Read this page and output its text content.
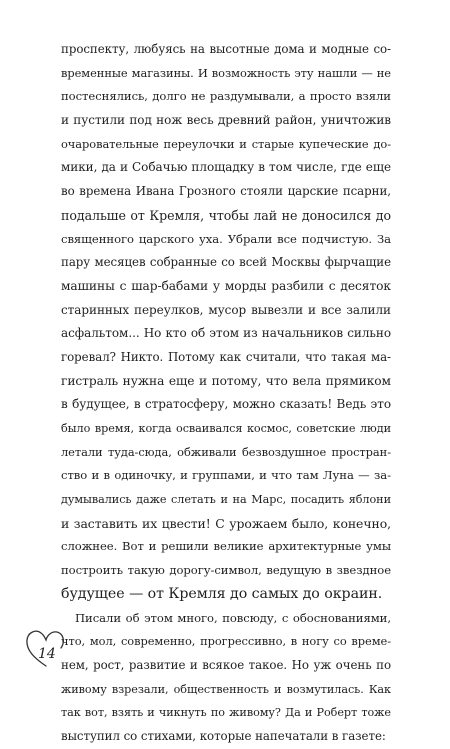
проспекту, любуясь на высотные дома и модные со-
временные магазины. И возможность эту нашли — не
постеснялись, долго не раздумывали, а просто взяли
и пустили под нож весь древний район, уничтожив
очаровательные переулочки и старые купеческие до-
мики, да и Собачью площадку в том числе, где еще
во времена Ивана Грозного стояли царские псарни,
подальше от Кремля, чтобы лай не доносился до
священного царского уха. Убрали все подчистую. За
пару месяцев собранные со всей Москвы фырчащие
машины с шар-бабами у морды разбили с десяток
старинных переулков, мусор вывезли и все залили
асфальтом... Но кто об этом из начальников сильно
горевал? Никто. Потому как считали, что такая ма-
гистраль нужна еще и потому, что вела прямиком
в будущее, в стратосферу, можно сказать! Ведь это
было время, когда осваивался космос, советские люди
летали туда-сюда, обживали безвоздушное простран-
ство и в одиночку, и группами, и что там Луна — за-
думывались даже слетать и на Марс, посадить яблони
и заставить их цвести! С урожаем было, конечно,
сложнее. Вот и решили великие архитектурные умы
построить такую дорогу-символ, ведущую в звездное
будущее — от Кремля до самых до окраин.
Писали об этом много, повсюду, с обоснованиями,
что, мол, современно, прогрессивно, в ногу со време-
нем, рост, развитие и всякое такое. Но уж очень по
живому взрезали, общественность и возмутилась. Как
так вот, взять и чикнуть по живому? Да и Роберт тоже
выступил со стихами, которые напечатали в газете:
14
